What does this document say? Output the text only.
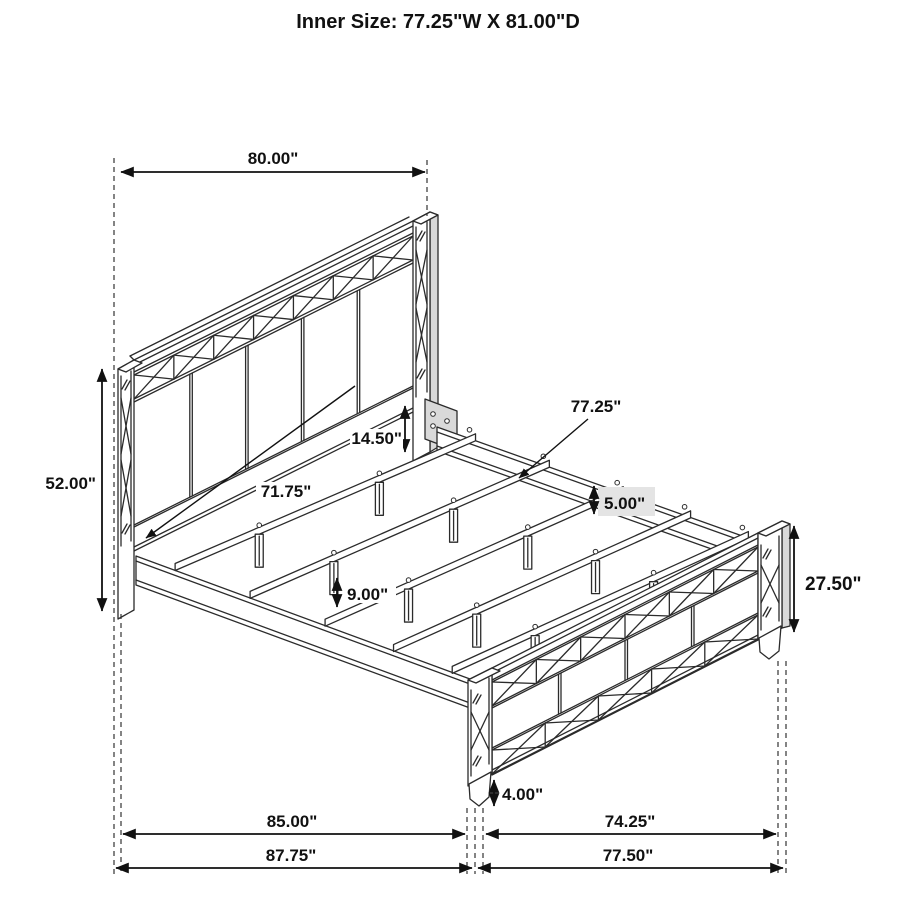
Inner Size: 77.25"W X 81.00"D
80.00"
52.00"
14.50"
71.75"
77.25"
5.00"
9.00"	27.50"
4.00"
85.00"	74.25"
87.75"	77.50"
